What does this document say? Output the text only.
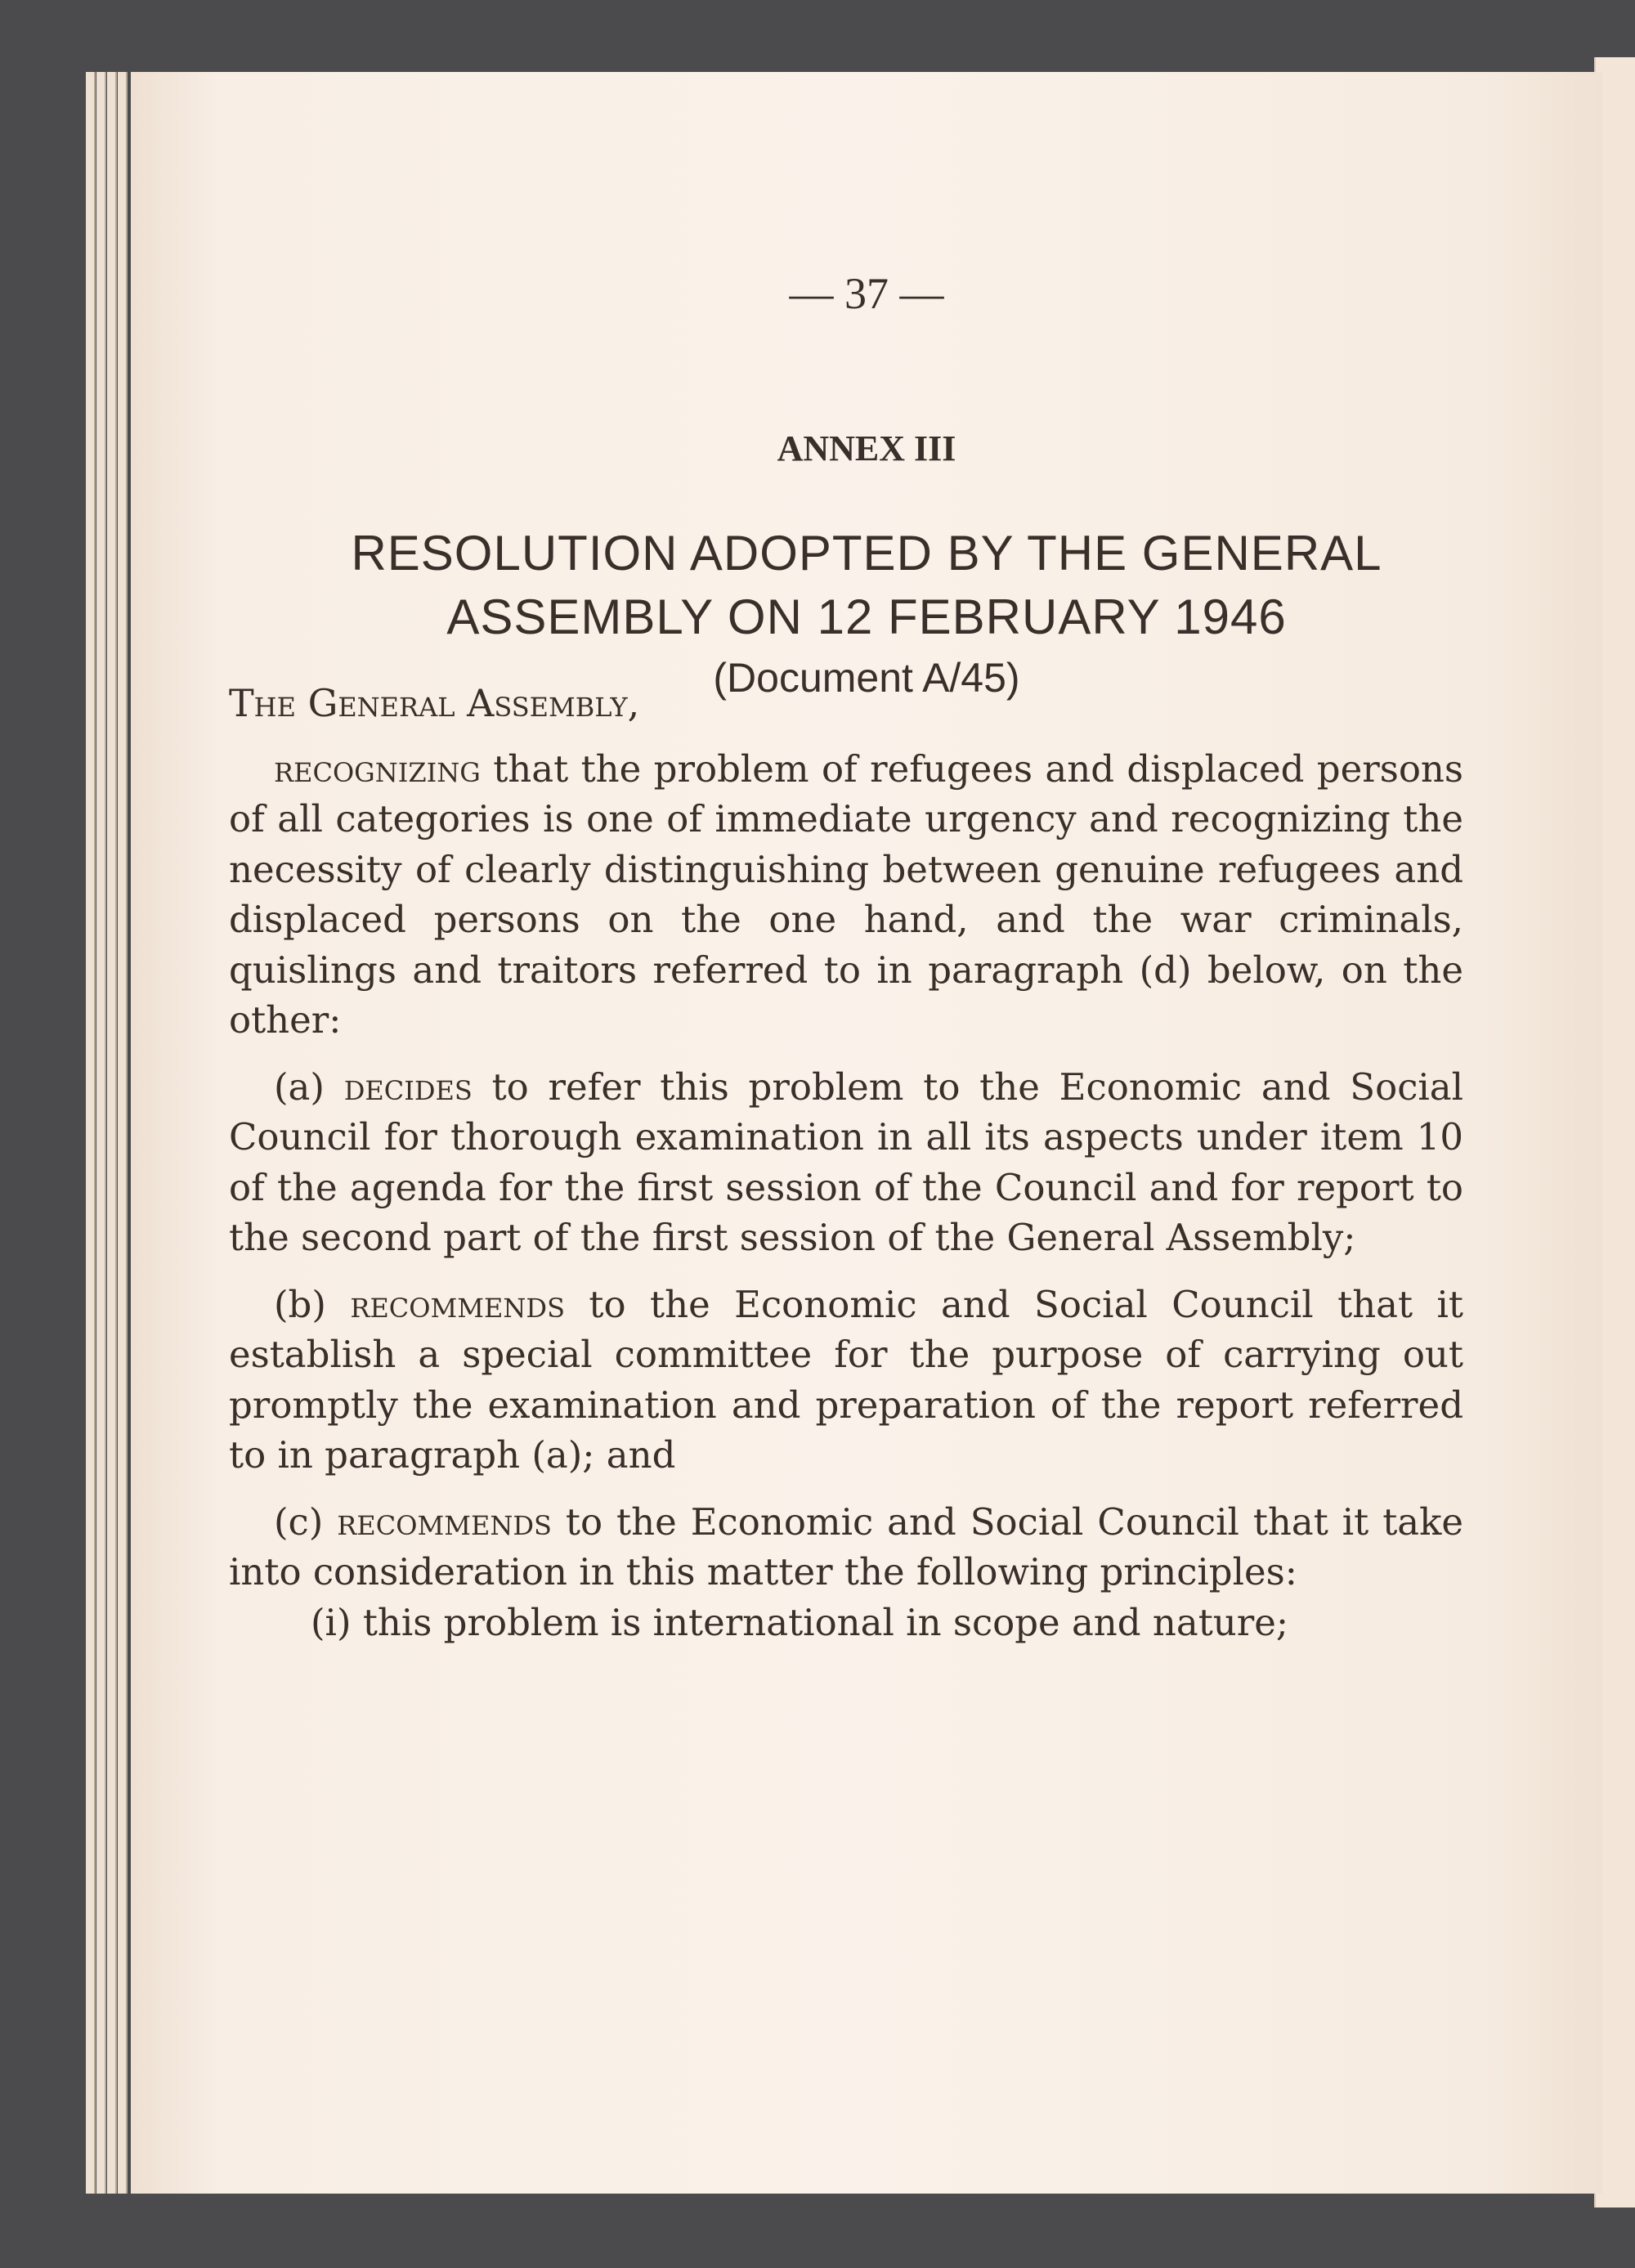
— 37 —
ANNEX III
RESOLUTION ADOPTED BY THE GENERAL
ASSEMBLY ON 12 FEBRUARY 1946
(Document A/45)

The General Assembly,

recognizing that the problem of refugees and displaced persons of all categories is one of immediate urgency and recognizing the necessity of clearly distinguishing between genuine refugees and displaced persons on the one hand, and the war criminals, quislings and traitors referred to in paragraph (d) below, on the other:

(a) decides to refer this problem to the Economic and Social Council for thorough examination in all its aspects under item 10 of the agenda for the first session of the Council and for report to the second part of the first session of the General Assembly;

(b) recommends to the Economic and Social Council that it establish a special committee for the purpose of carrying out promptly the examination and preparation of the report referred to in paragraph (a); and

(c) recommends to the Economic and Social Council that it take into consideration in this matter the following principles:

(i) this problem is international in scope and nature;
